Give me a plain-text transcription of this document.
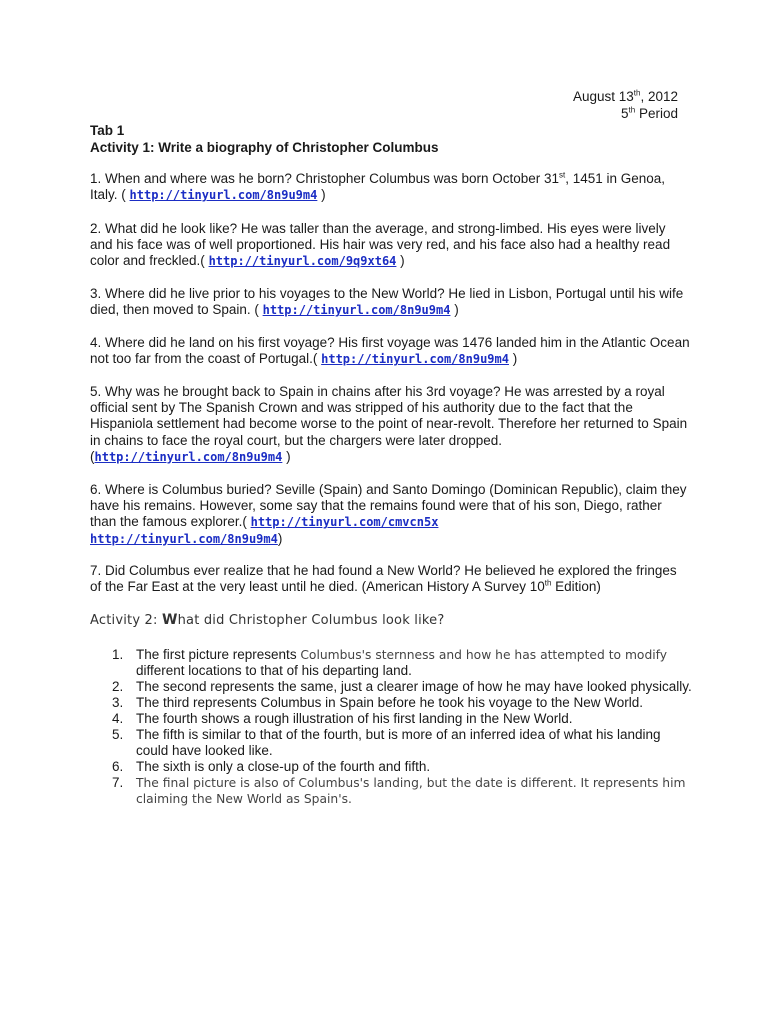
August 13th, 2012
5th Period
Tab 1
Activity 1: Write a biography of Christopher Columbus
1. When and where was he born? Christopher Columbus was born October 31st, 1451 in Genoa, Italy. ( http://tinyurl.com/8n9u9m4 )
2. What did he look like? He was taller than the average, and strong-limbed. His eyes were lively and his face was of well proportioned. His hair was very red, and his face also had a healthy read color and freckled.( http://tinyurl.com/9q9xt64 )
3. Where did he live prior to his voyages to the New World? He lied in Lisbon, Portugal until his wife died, then moved to Spain. ( http://tinyurl.com/8n9u9m4 )
4. Where did he land on his first voyage? His first voyage was 1476 landed him in the Atlantic Ocean not too far from the coast of Portugal.( http://tinyurl.com/8n9u9m4 )
5. Why was he brought back to Spain in chains after his 3rd voyage? He was arrested by a royal official sent by The Spanish Crown and was stripped of his authority due to the fact that the Hispaniola settlement had become worse to the point of near-revolt. Therefore her returned to Spain in chains to face the royal court, but the chargers were later dropped. (http://tinyurl.com/8n9u9m4 )
6. Where is Columbus buried? Seville (Spain) and Santo Domingo (Dominican Republic), claim they have his remains. However, some say that the remains found were that of his son, Diego, rather than the famous explorer.( http://tinyurl.com/cmvcn5x
http://tinyurl.com/8n9u9m4)
7. Did Columbus ever realize that he had found a New World? He believed he explored the fringes of the Far East at the very least until he died. (American History A Survey 10th Edition)
Activity 2: What did Christopher Columbus look like?
1. The first picture represents Columbus's sternness and how he has attempted to modify different locations to that of his departing land.
2. The second represents the same, just a clearer image of how he may have looked physically.
3. The third represents Columbus in Spain before he took his voyage to the New World.
4. The fourth shows a rough illustration of his first landing in the New World.
5. The fifth is similar to that of the fourth, but is more of an inferred idea of what his landing could have looked like.
6. The sixth is only a close-up of the fourth and fifth.
7. The final picture is also of Columbus's landing, but the date is different. It represents him claiming the New World as Spain's.
